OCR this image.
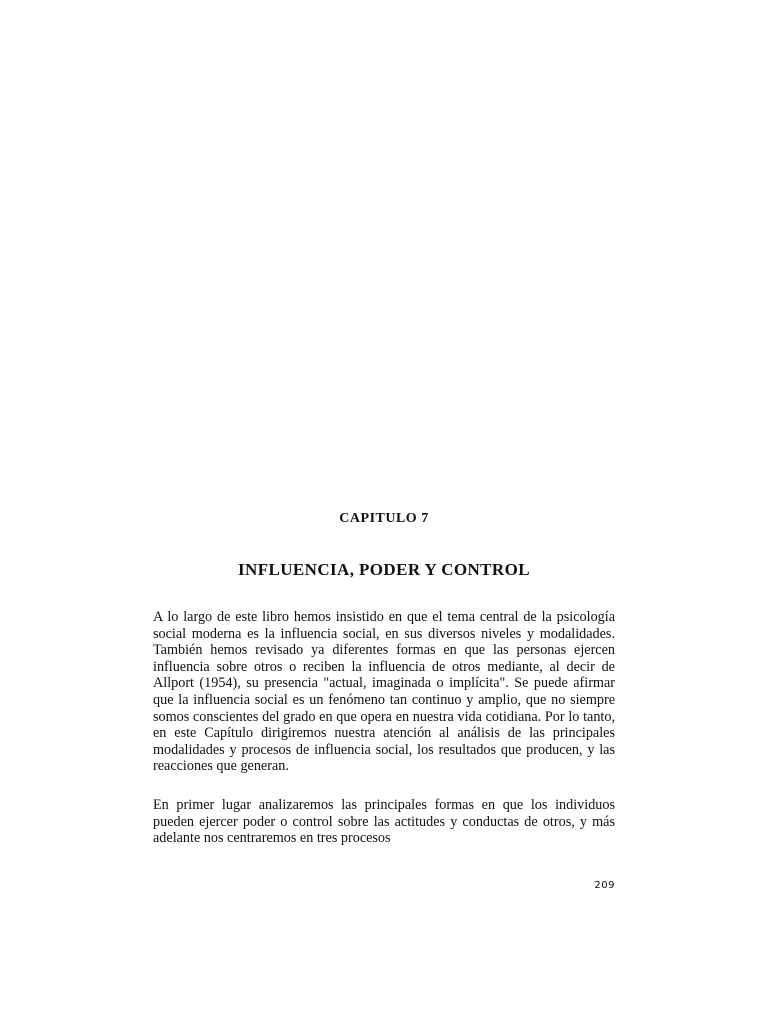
CAPITULO 7
INFLUENCIA, PODER Y CONTROL

A lo largo de este libro hemos insistido en que el tema central de la psicología social moderna es la influencia social, en sus diversos niveles y modalidades. También hemos revisado ya diferentes formas en que las personas ejercen influencia sobre otros o reciben la influencia de otros mediante, al decir de Allport (1954), su presencia "actual, imaginada o implícita". Se puede afirmar que la influencia social es un fenómeno tan continuo y amplio, que no siempre somos conscientes del grado en que opera en nuestra vida cotidiana. Por lo tanto, en este Capítulo dirigiremos nuestra atención al análisis de las principales modalidades y procesos de influencia social, los resultados que producen, y las reacciones que generan.

En primer lugar analizaremos las principales formas en que los individuos pueden ejercer poder o control sobre las actitudes y conductas de otros, y más adelante nos centraremos en tres procesos

209
